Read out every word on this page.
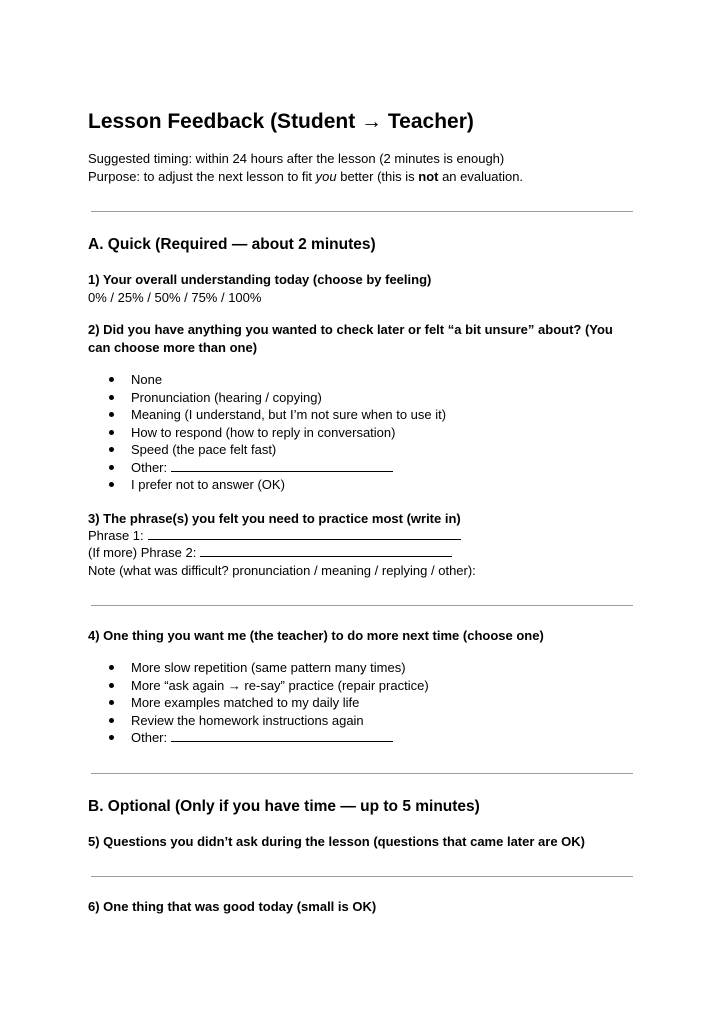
Lesson Feedback (Student → Teacher)
Suggested timing: within 24 hours after the lesson (2 minutes is enough)
Purpose: to adjust the next lesson to fit you better (this is not an evaluation.
A. Quick (Required — about 2 minutes)
1) Your overall understanding today (choose by feeling)
0% / 25% / 50% / 75% / 100%
2) Did you have anything you wanted to check later or felt “a bit unsure” about? (You
can choose more than one)
None
Pronunciation (hearing / copying)
Meaning (I understand, but I’m not sure when to use it)
How to respond (how to reply in conversation)
Speed (the pace felt fast)
Other:
I prefer not to answer (OK)
3) The phrase(s) you felt you need to practice most (write in)
Phrase 1:
(If more) Phrase 2:
Note (what was difficult? pronunciation / meaning / replying / other):
4) One thing you want me (the teacher) to do more next time (choose one)
More slow repetition (same pattern many times)
More “ask again → re-say” practice (repair practice)
More examples matched to my daily life
Review the homework instructions again
Other:
B. Optional (Only if you have time — up to 5 minutes)
5) Questions you didn’t ask during the lesson (questions that came later are OK)
6) One thing that was good today (small is OK)
